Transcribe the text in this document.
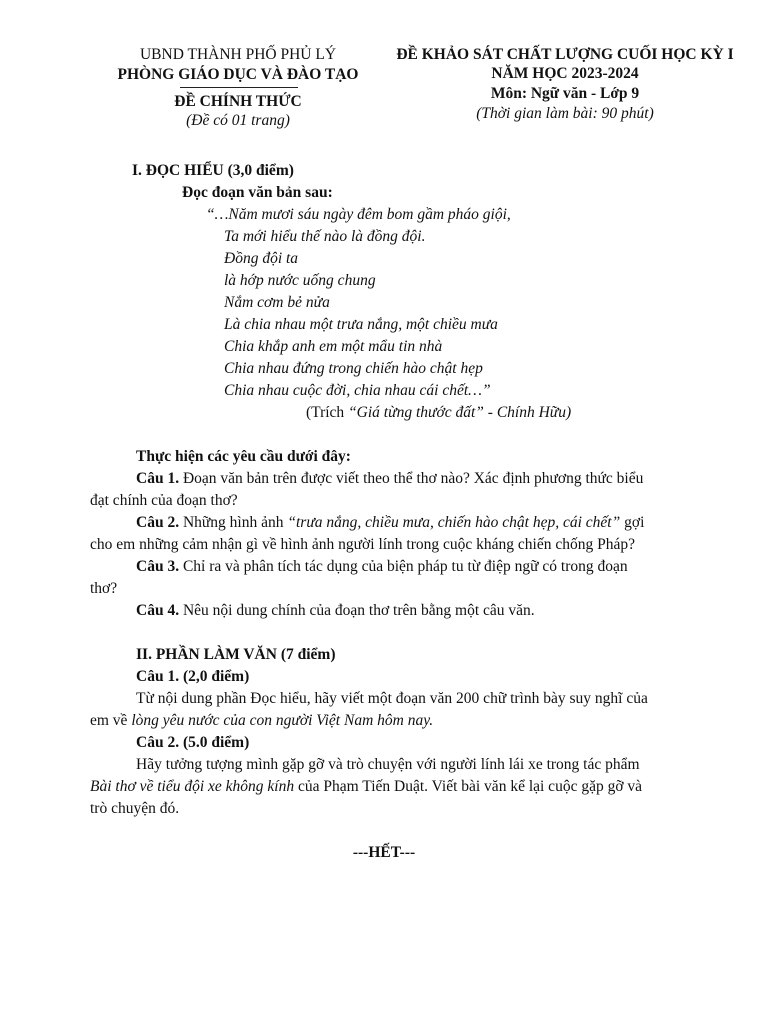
UBND THÀNH PHỐ PHỦ LÝ
PHÒNG GIÁO DỤC VÀ ĐÀO TẠO
ĐỀ CHÍNH THỨC
(Đề có 01 trang)
ĐỀ KHẢO SÁT CHẤT LƯỢNG CUỐI HỌC KỲ I
NĂM HỌC 2023-2024
Môn: Ngữ văn - Lớp 9
(Thời gian làm bài: 90 phút)
I. ĐỌC HIỂU (3,0 điểm)
Đọc đoạn văn bản sau:
“…Năm mươi sáu ngày đêm bom gầm pháo giội,
Ta mới hiểu thế nào là đồng đội.
Đồng đội ta
là hớp nước uống chung
Nắm cơm bẻ nửa
Là chia nhau một trưa nắng, một chiều mưa
Chia khắp anh em một mẩu tin nhà
Chia nhau đứng trong chiến hào chật hẹp
Chia nhau cuộc đời, chia nhau cái chết…”
(Trích “Giá từng thước đất” - Chính Hữu)
Thực hiện các yêu cầu dưới đây:
Câu 1. Đoạn văn bản trên được viết theo thể thơ nào? Xác định phương thức biểu
đạt chính của đoạn thơ?
Câu 2. Những hình ảnh “trưa nắng, chiều mưa, chiến hào chật hẹp, cái chết” gợi
cho em những cảm nhận gì về hình ảnh người lính trong cuộc kháng chiến chống Pháp?
Câu 3. Chỉ ra và phân tích tác dụng của biện pháp tu từ điệp ngữ có trong đoạn
thơ?
Câu 4. Nêu nội dung chính của đoạn thơ trên bằng một câu văn.
II. PHẦN LÀM VĂN (7 điểm)
Câu 1. (2,0 điểm)
Từ nội dung phần Đọc hiểu, hãy viết một đoạn văn 200 chữ trình bày suy nghĩ của
em về lòng yêu nước của con người Việt Nam hôm nay.
Câu 2. (5.0 điểm)
Hãy tưởng tượng mình gặp gỡ và trò chuyện với người lính lái xe trong tác phẩm
Bài thơ về tiểu đội xe không kính của Phạm Tiến Duật. Viết bài văn kể lại cuộc gặp gỡ và
trò chuyện đó.
---HẾT---
